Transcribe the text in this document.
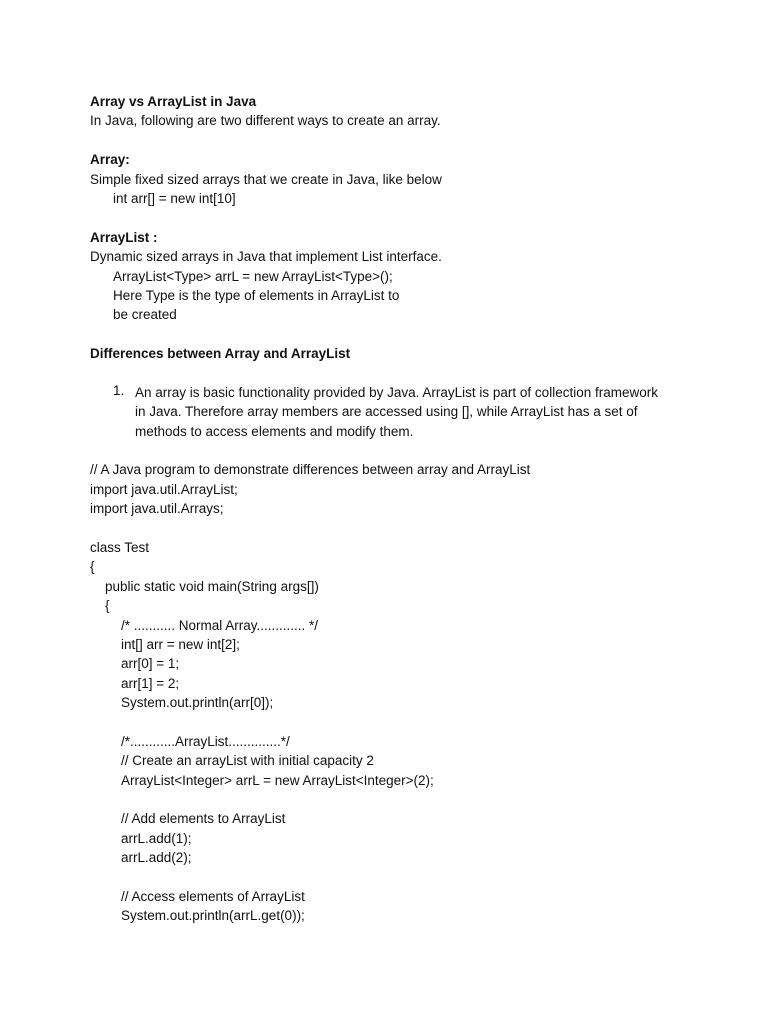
Array vs ArrayList in Java
In Java, following are two different ways to create an array.
Array:
Simple fixed sized arrays that we create in Java, like below
int arr[] = new int[10]
ArrayList :
Dynamic sized arrays in Java that implement List interface.
ArrayList<Type> arrL = new ArrayList<Type>();
Here Type is the type of elements in ArrayList to
be created
Differences between Array and ArrayList
1. An array is basic functionality provided by Java. ArrayList is part of collection framework
in Java. Therefore array members are accessed using [], while ArrayList has a set of
methods to access elements and modify them.
// A Java program to demonstrate differences between array and ArrayList
import java.util.ArrayList;
import java.util.Arrays;
class Test
{
public static void main(String args[])
{
/* ........... Normal Array............. */
int[] arr = new int[2];
arr[0] = 1;
arr[1] = 2;
System.out.println(arr[0]);
/*............ArrayList..............*/
// Create an arrayList with initial capacity 2
ArrayList<Integer> arrL = new ArrayList<Integer>(2);
// Add elements to ArrayList
arrL.add(1);
arrL.add(2);
// Access elements of ArrayList
System.out.println(arrL.get(0));
